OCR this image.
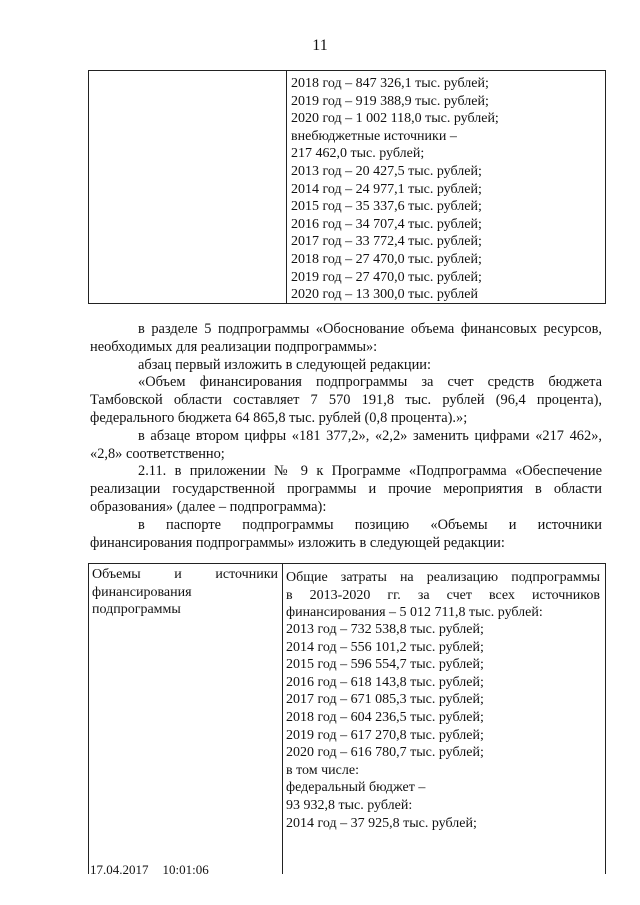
11
2018 год – 847 326,1 тыс. рублей;
2019 год – 919 388,9 тыс. рублей;
2020 год – 1 002 118,0 тыс. рублей;
внебюджетные источники –
217 462,0 тыс. рублей;
2013 год – 20 427,5 тыс. рублей;
2014 год – 24 977,1 тыс. рублей;
2015 год – 35 337,6 тыс. рублей;
2016 год – 34 707,4 тыс. рублей;
2017 год – 33 772,4 тыс. рублей;
2018 год – 27 470,0 тыс. рублей;
2019 год – 27 470,0 тыс. рублей;
2020 год – 13 300,0 тыс. рублей

в разделе 5 подпрограммы «Обоснование объема финансовых ресурсов, необходимых для реализации подпрограммы»:

абзац первый изложить в следующей редакции:

«Объем финансирования подпрограммы за счет средств бюджета Тамбовской области составляет 7 570 191,8 тыс. рублей (96,4 процента), федерального бюджета 64 865,8 тыс. рублей (0,8 процента).»;

в абзаце втором цифры «181 377,2», «2,2» заменить цифрами «217 462», «2,8» соответственно;

2.11. в приложении № 9 к Программе «Подпрограмма «Обеспечение реализации государственной программы и прочие мероприятия в области образования» (далее – подпрограмма):

в паспорте подпрограммы позицию «Объемы и источники финансирования подпрограммы» изложить в следующей редакции:

Объемы и источники
финансирования
подпрограммы
Общие затраты на реализацию подпрограммы
в 2013-2020 гг. за счет всех источников
финансирования – 5 012 711,8 тыс. рублей:
2013 год – 732 538,8 тыс. рублей;
2014 год – 556 101,2 тыс. рублей;
2015 год – 596 554,7 тыс. рублей;
2016 год – 618 143,8 тыс. рублей;
2017 год – 671 085,3 тыс. рублей;
2018 год – 604 236,5 тыс. рублей;
2019 год – 617 270,8 тыс. рублей;
2020 год – 616 780,7 тыс. рублей;
в том числе:
федеральный бюджет –
93 932,8 тыс. рублей:
2014 год – 37 925,8 тыс. рублей;
17.04.2017 10:01:06
